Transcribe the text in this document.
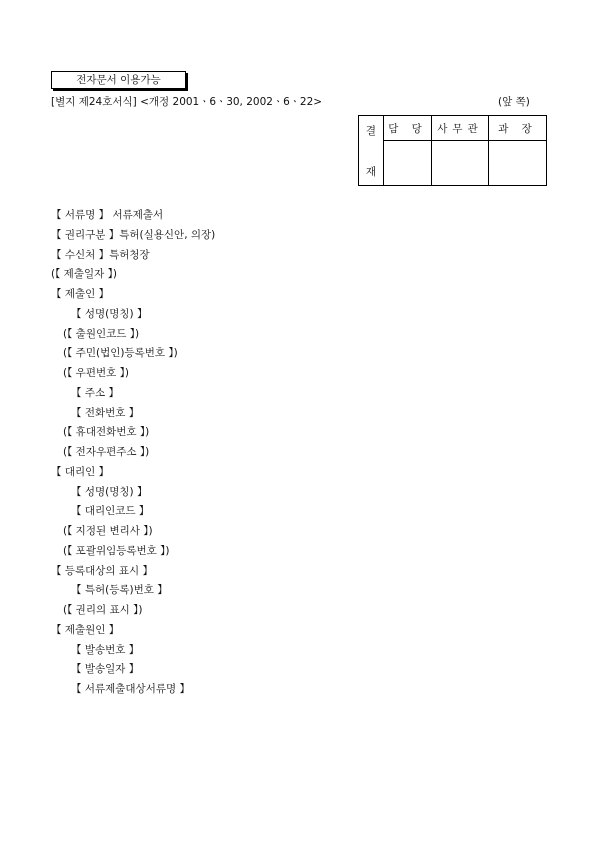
전자문서 이용가능
[별지 제24호서식] <개정 2001ㆍ6ㆍ30, 2002ㆍ6ㆍ22>	(앞 쪽)
결
재	담 당	사무관	과 장

【 서류명 】 서류제출서
【 권리구분 】특허(실용신안, 의장)
【 수신처 】특허청장
(【 제출일자 】)
【 제출인 】
【 성명(명칭) 】
(【 출원인코드 】)
(【 주민(법인)등록번호 】)
(【 우편번호 】)
【 주소 】
【 전화번호 】
(【 휴대전화번호 】)
(【 전자우편주소 】)
【 대리인 】
【 성명(명칭) 】
【 대리인코드 】
(【 지정된 변리사 】)
(【 포괄위임등록번호 】)
【 등록대상의 표시 】
【 특허(등록)번호 】
(【 권리의 표시 】)
【 제출원인 】
【 발송번호 】
【 발송일자 】
【 서류제출대상서류명 】
